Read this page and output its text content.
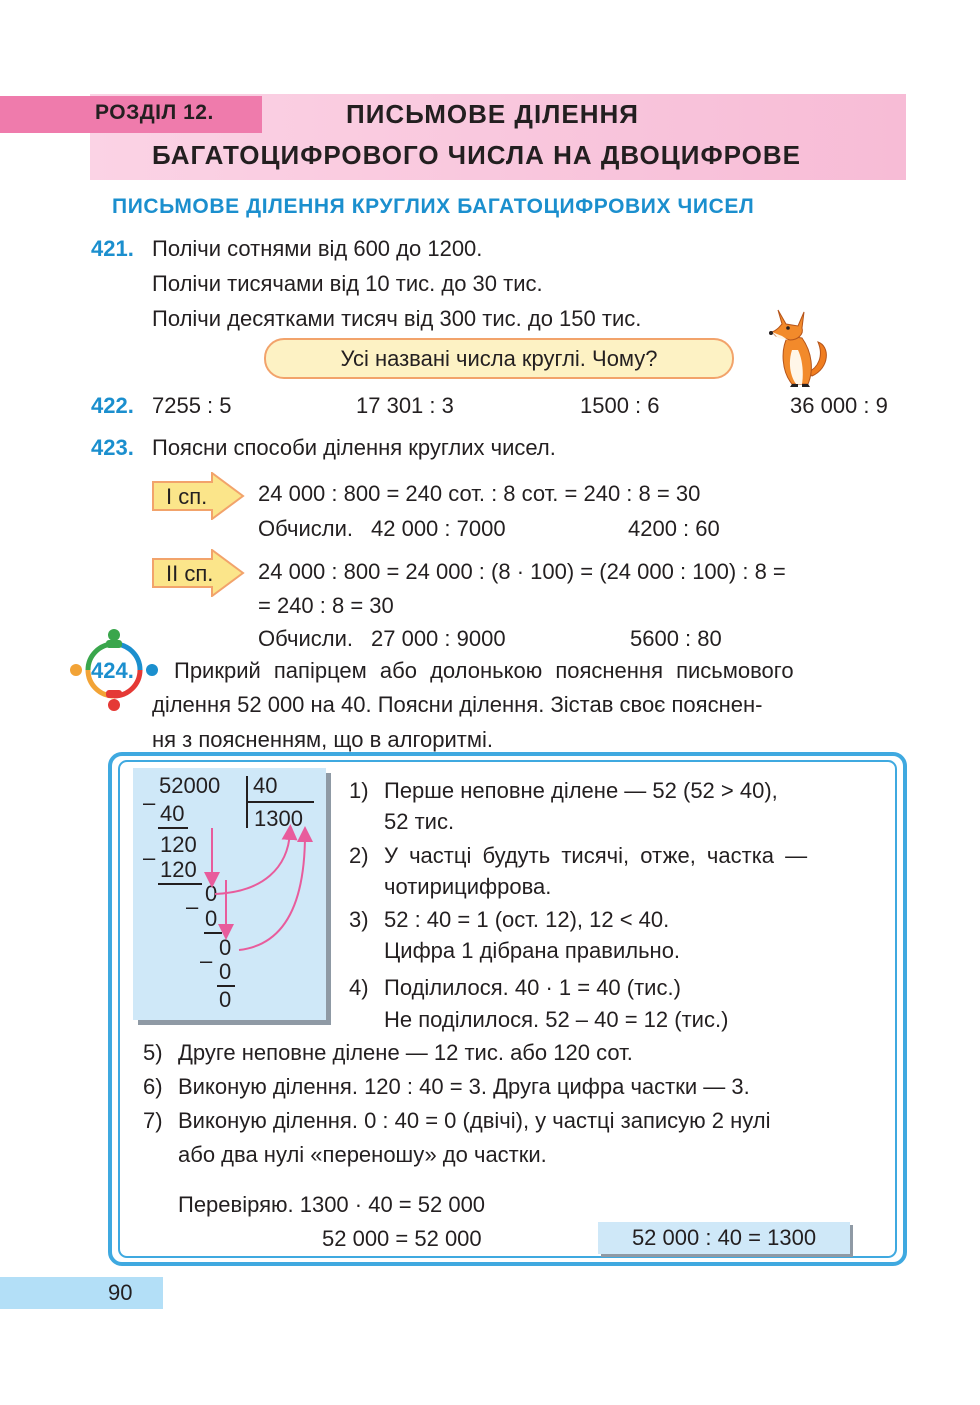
РОЗДІЛ 12.	ПИСЬМОВЕ ДІЛЕННЯ
БАГАТОЦИФРОВОГО ЧИСЛА НА ДВОЦИФРОВЕ
ПИСЬМОВЕ ДІЛЕННЯ КРУГЛИХ БАГАТОЦИФРОВИХ ЧИСЕЛ
421. Полічи сотнями від 600 до 1200.
Полічи тисячами від 10 тис. до 30 тис.
Полічи десятками тисяч від 300 тис. до 150 тис.
Усі названі числа круглі. Чому?
422. 7255 : 5	17 301 : 3	1500 : 6	36 000 : 9
423. Поясни способи ділення круглих чисел.
І сп. 24 000 : 800 = 240 сот. : 8 сот. = 240 : 8 = 30
Обчисли. 42 000 : 7000	4200 : 60
ІІ сп. 24 000 : 800 = 24 000 : (8 · 100) = (24 000 : 100) : 8 =
= 240 : 8 = 30
Обчисли. 27 000 : 9000	5600 : 80
424. Прикрий папірцем або долонькою пояснення письмового
ділення 52 000 на 40. Поясни ділення. Зістав своє пояснен-
ня з поясненням, що в алгоритмі.
52000 40
1300
– 40
120
– 120
0
– 0
0
– 0
0
1) Перше неповне ділене — 52 (52 > 40),
52 тис.
2) У частці будуть тисячі, отже, частка —
чотирицифрова.
3) 52 : 40 = 1 (ост. 12), 12 < 40.
Цифра 1 дібрана правильно.
4) Поділилося. 40 · 1 = 40 (тис.)
Не поділилося. 52 – 40 = 12 (тис.)
5) Друге неповне ділене — 12 тис. або 120 сот.
6) Виконую ділення. 120 : 40 = 3. Друга цифра частки — 3.
7) Виконую ділення. 0 : 40 = 0 (двічі), у частці записую 2 нулі
або два нулі «переношу» до частки.
Перевіряю. 1300 · 40 = 52 000
52 000 = 52 000	52 000 : 40 = 1300
90
